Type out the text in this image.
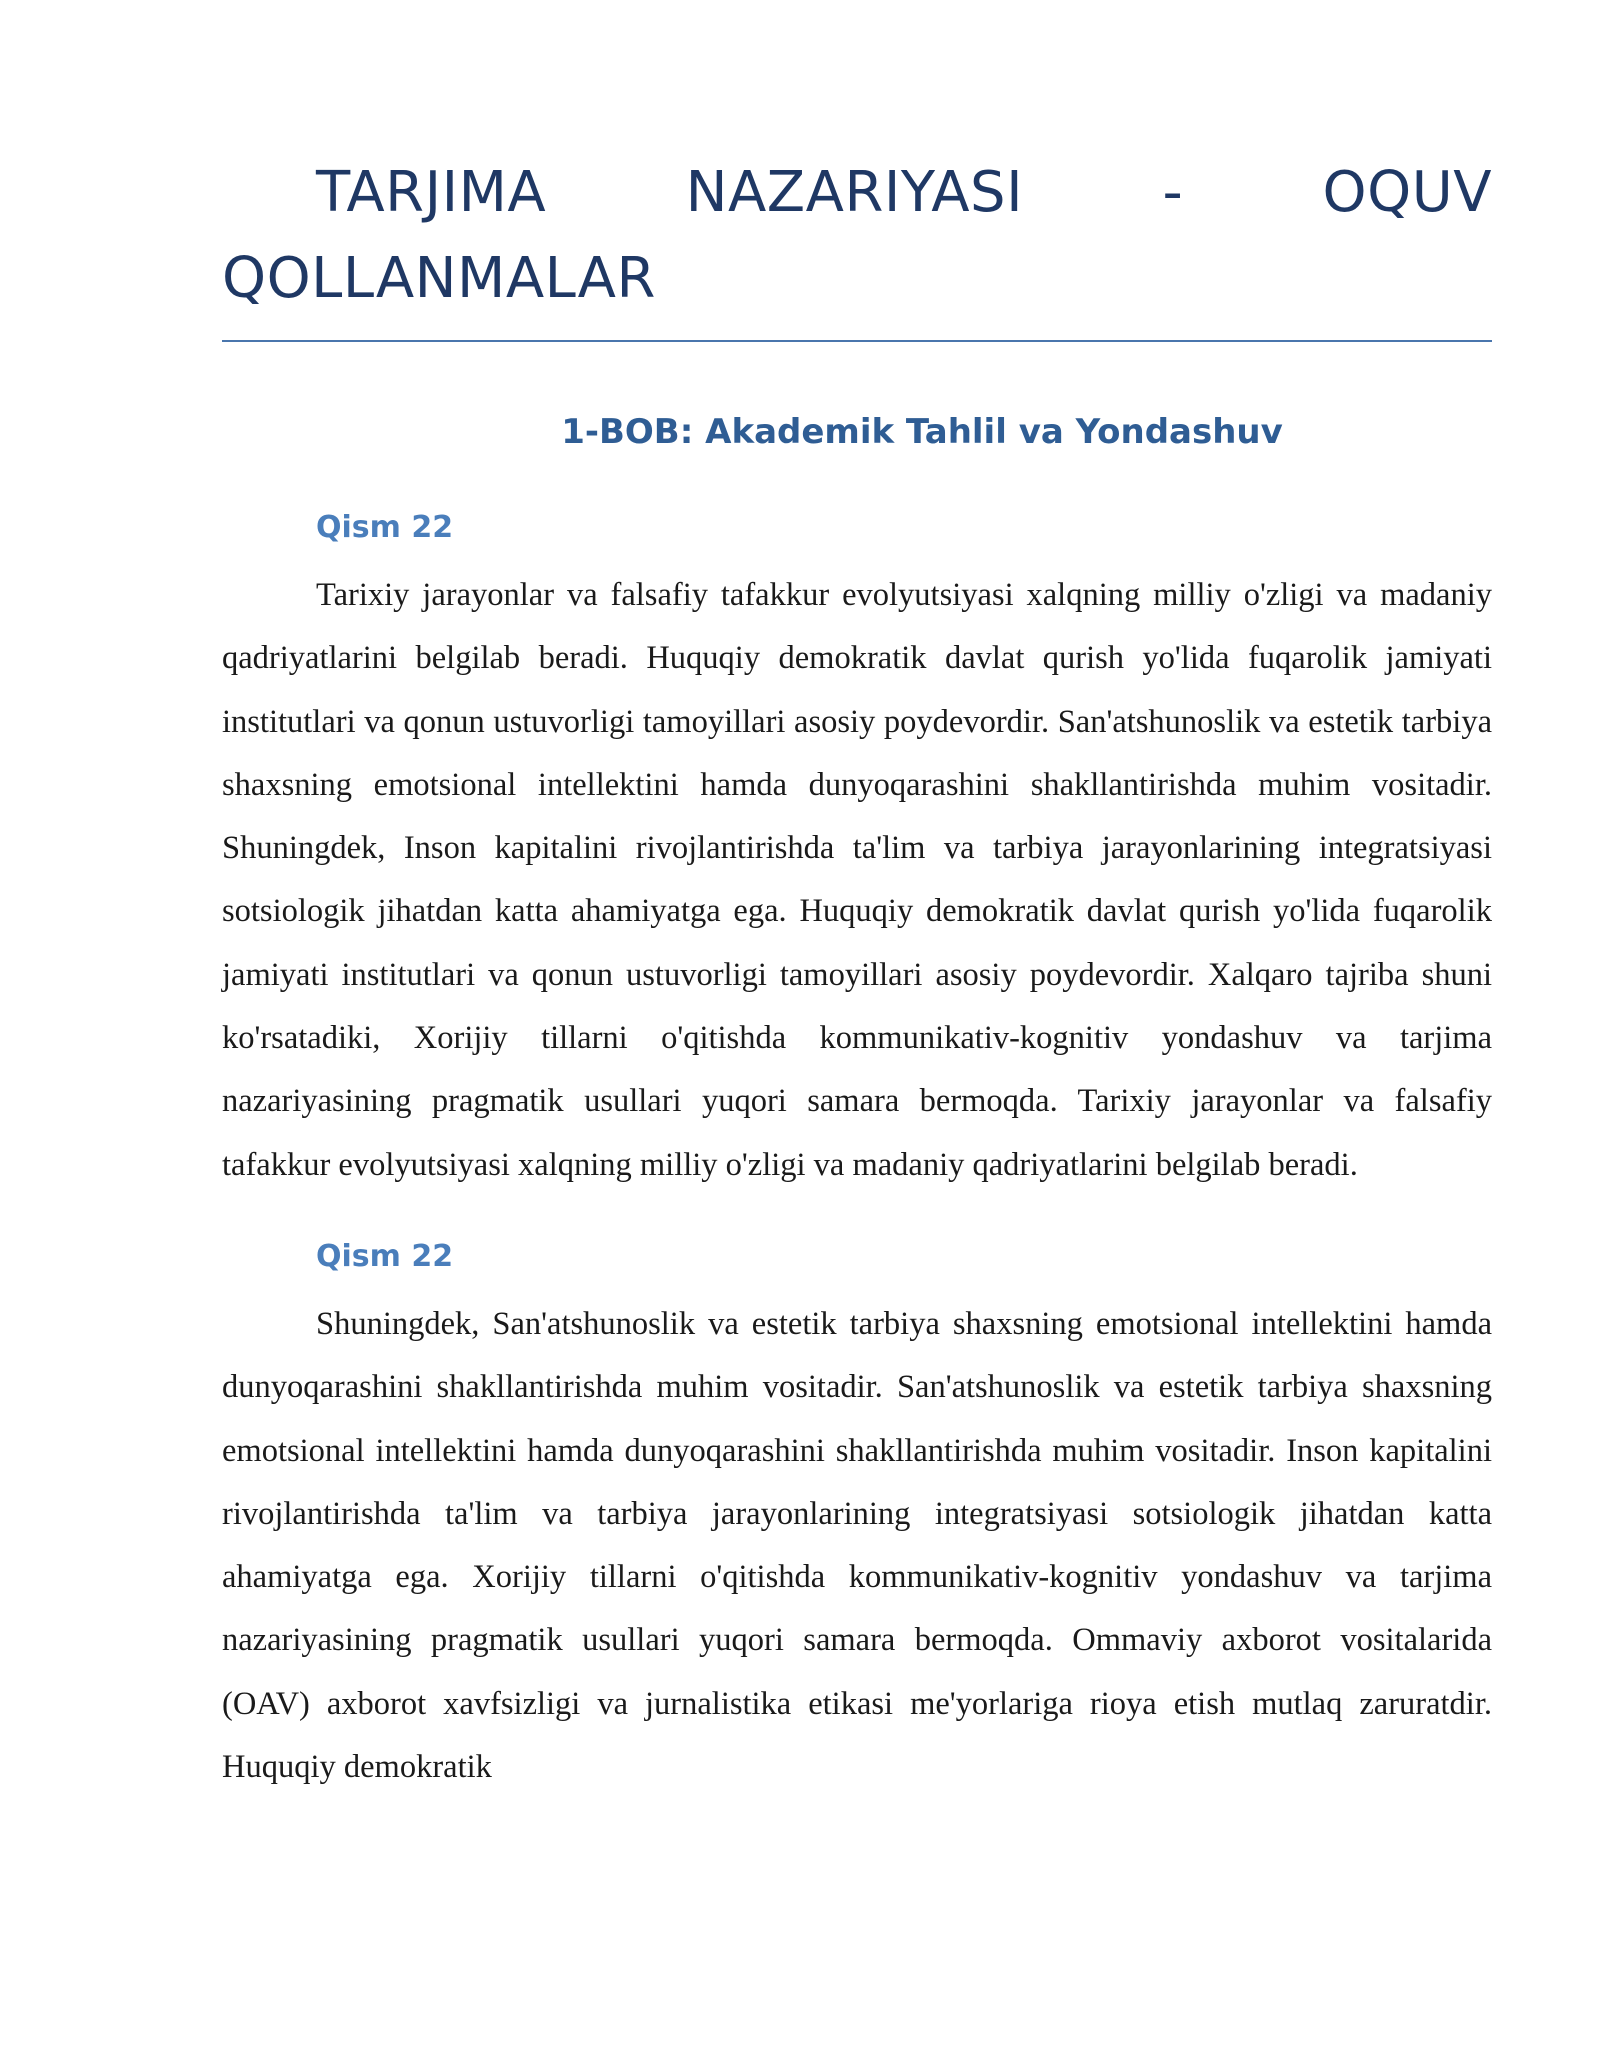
TARJIMA NAZARIYASI - OQUV QOLLANMALAR
1-BOB: Akademik Tahlil va Yondashuv
Qism 22

Tarixiy jarayonlar va falsafiy tafakkur evolyutsiyasi xalqning milliy o'zligi va madaniy qadriyatlarini belgilab beradi. Huquqiy demokratik davlat qurish yo'lida fuqarolik jamiyati institutlari va qonun ustuvorligi tamoyillari asosiy poydevordir. San'atshunoslik va estetik tarbiya shaxsning emotsional intellektini hamda dunyoqarashini shakllantirishda muhim vositadir. Shuningdek, Inson kapitalini rivojlantirishda ta'lim va tarbiya jarayonlarining integratsiyasi sotsiologik jihatdan katta ahamiyatga ega. Huquqiy demokratik davlat qurish yo'lida fuqarolik jamiyati institutlari va qonun ustuvorligi tamoyillari asosiy poydevordir. Xalqaro tajriba shuni ko'rsatadiki, Xorijiy tillarni o'qitishda kommunikativ-kognitiv yondashuv va tarjima nazariyasining pragmatik usullari yuqori samara bermoqda. Tarixiy jarayonlar va falsafiy tafakkur evolyutsiyasi xalqning milliy o'zligi va madaniy qadriyatlarini belgilab beradi.

Qism 22

Shuningdek, San'atshunoslik va estetik tarbiya shaxsning emotsional intellektini hamda dunyoqarashini shakllantirishda muhim vositadir. San'atshunoslik va estetik tarbiya shaxsning emotsional intellektini hamda dunyoqarashini shakllantirishda muhim vositadir. Inson kapitalini rivojlantirishda ta'lim va tarbiya jarayonlarining integratsiyasi sotsiologik jihatdan katta ahamiyatga ega. Xorijiy tillarni o'qitishda kommunikativ-kognitiv yondashuv va tarjima nazariyasining pragmatik usullari yuqori samara bermoqda. Ommaviy axborot vositalarida (OAV) axborot xavfsizligi va jurnalistika etikasi me'yorlariga rioya etish mutlaq zaruratdir. Huquqiy demokratik
